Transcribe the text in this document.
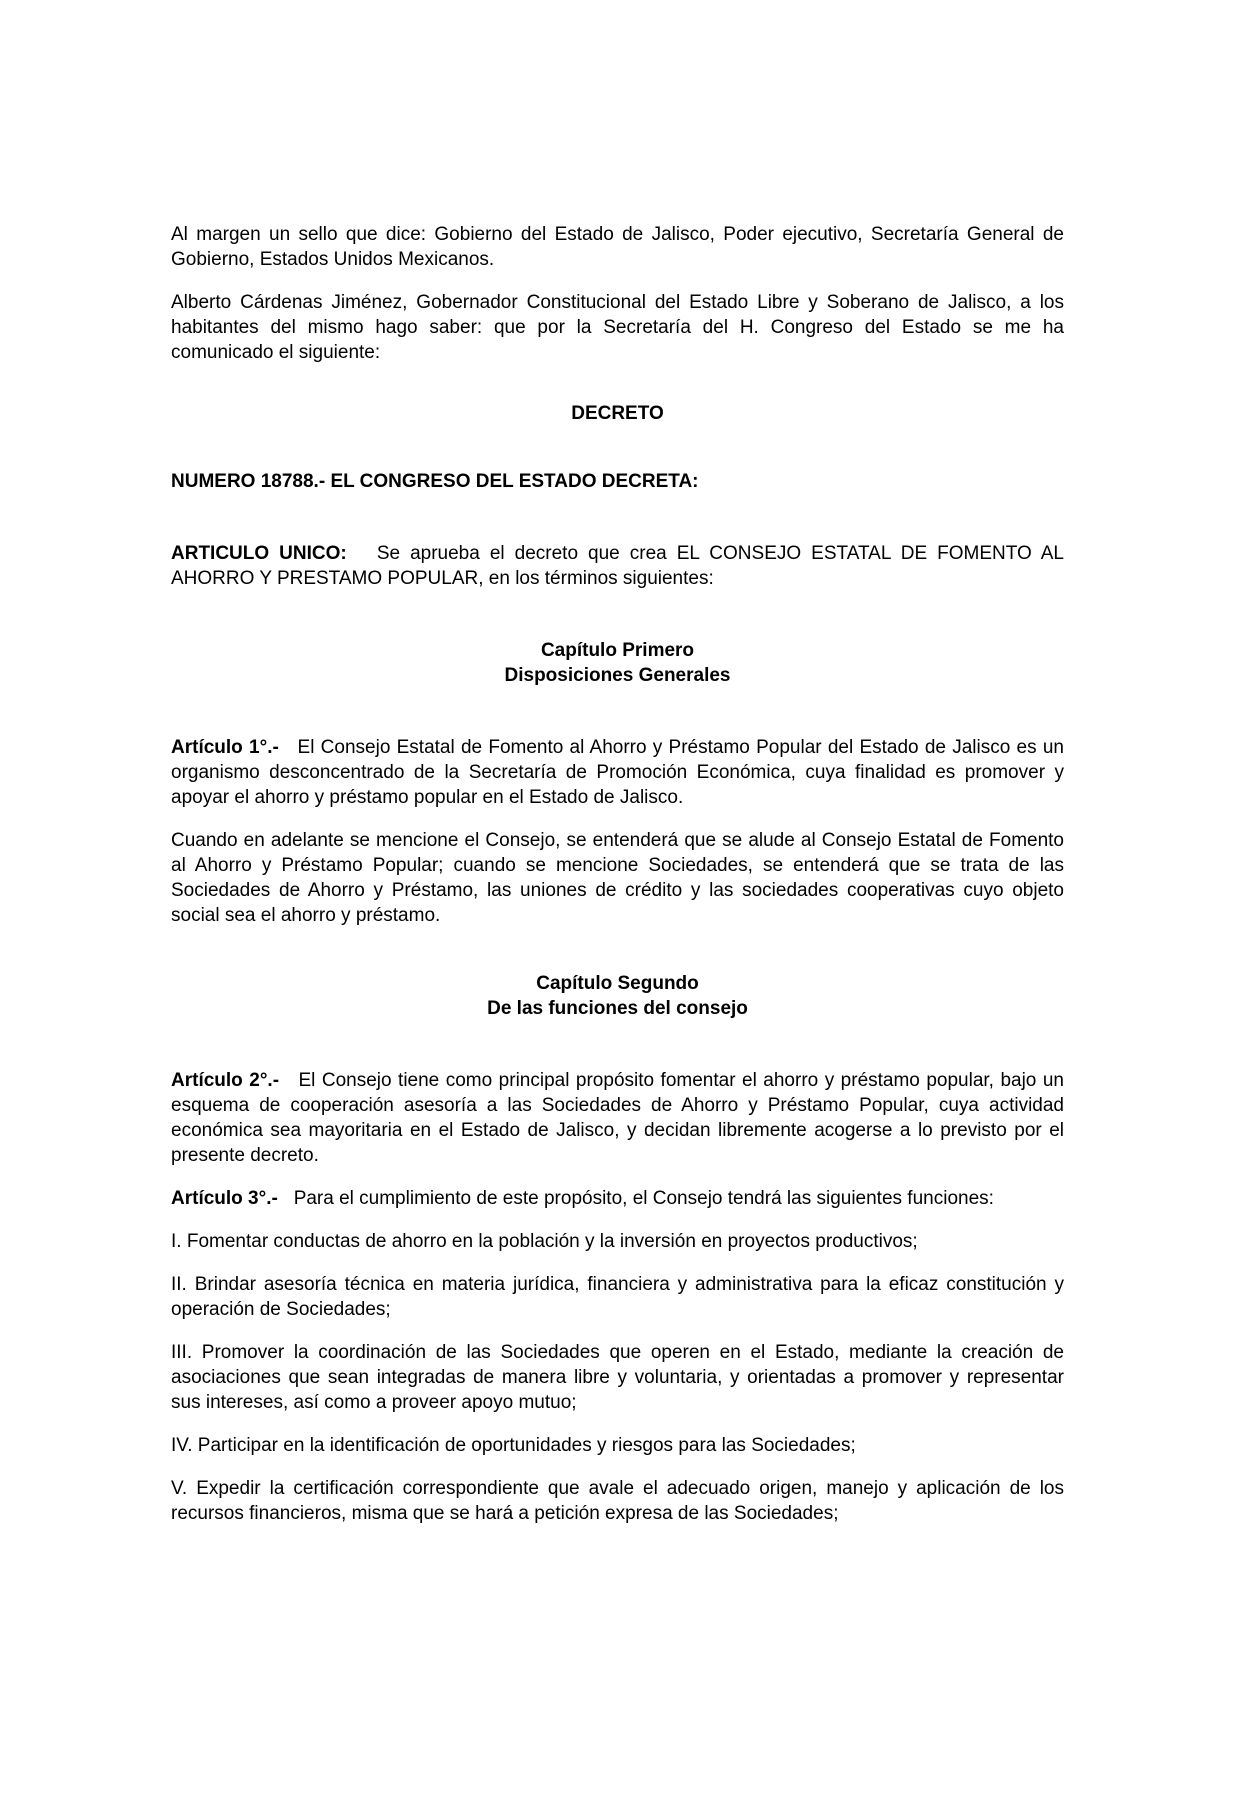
Al margen un sello que dice: Gobierno del Estado de Jalisco, Poder ejecutivo, Secretaría General de Gobierno, Estados Unidos Mexicanos.

Alberto Cárdenas Jiménez, Gobernador Constitucional del Estado Libre y Soberano de Jalisco, a los habitantes del mismo hago saber: que por la Secretaría del H. Congreso del Estado se me ha comunicado el siguiente:

DECRETO

NUMERO 18788.- EL CONGRESO DEL ESTADO DECRETA:

ARTICULO UNICO: Se aprueba el decreto que crea EL CONSEJO ESTATAL DE FOMENTO AL AHORRO Y PRESTAMO POPULAR, en los términos siguientes:

Capítulo Primero
Disposiciones Generales

Artículo 1°.- El Consejo Estatal de Fomento al Ahorro y Préstamo Popular del Estado de Jalisco es un organismo desconcentrado de la Secretaría de Promoción Económica, cuya finalidad es promover y apoyar el ahorro y préstamo popular en el Estado de Jalisco.

Cuando en adelante se mencione el Consejo, se entenderá que se alude al Consejo Estatal de Fomento al Ahorro y Préstamo Popular; cuando se mencione Sociedades, se entenderá que se trata de las Sociedades de Ahorro y Préstamo, las uniones de crédito y las sociedades cooperativas cuyo objeto social sea el ahorro y préstamo.

Capítulo Segundo
De las funciones del consejo

Artículo 2°.- El Consejo tiene como principal propósito fomentar el ahorro y préstamo popular, bajo un esquema de cooperación asesoría a las Sociedades de Ahorro y Préstamo Popular, cuya actividad económica sea mayoritaria en el Estado de Jalisco, y decidan libremente acogerse a lo previsto por el presente decreto.

Artículo 3°.- Para el cumplimiento de este propósito, el Consejo tendrá las siguientes funciones:

I. Fomentar conductas de ahorro en la población y la inversión en proyectos productivos;

II. Brindar asesoría técnica en materia jurídica, financiera y administrativa para la eficaz constitución y operación de Sociedades;

III. Promover la coordinación de las Sociedades que operen en el Estado, mediante la creación de asociaciones que sean integradas de manera libre y voluntaria, y orientadas a promover y representar sus intereses, así como a proveer apoyo mutuo;

IV. Participar en la identificación de oportunidades y riesgos para las Sociedades;

V. Expedir la certificación correspondiente que avale el adecuado origen, manejo y aplicación de los recursos financieros, misma que se hará a petición expresa de las Sociedades;
